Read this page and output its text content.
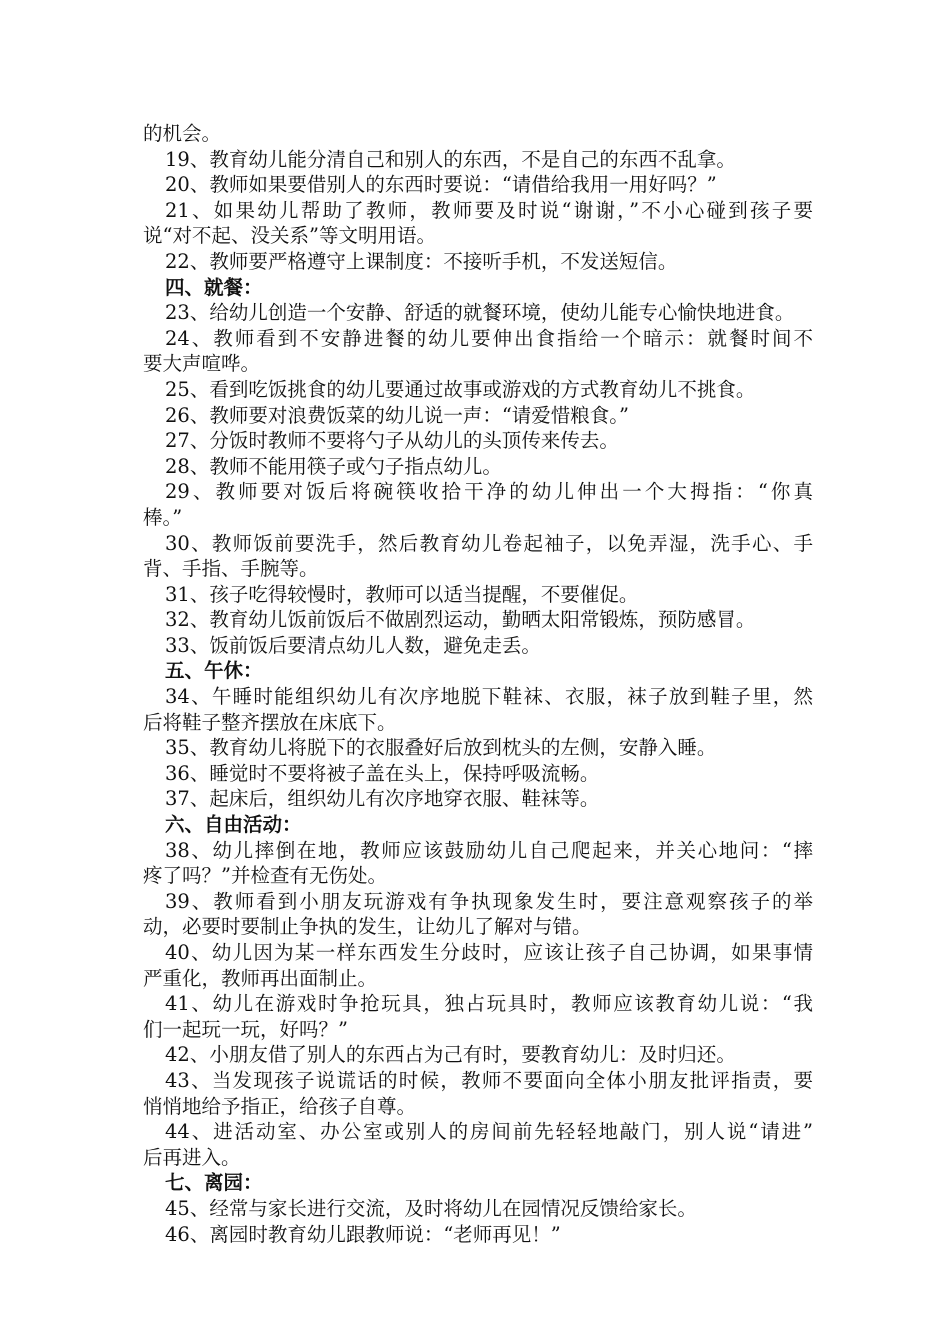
的机会。
19、教育幼儿能分清自己和别人的东西，不是自己的东西不乱拿。
20、教师如果要借别人的东西时要说：“请借给我用一用好吗？”
21、如果幼儿帮助了教师，教师要及时说“谢谢，”不小心碰到孩子要
说“对不起、没关系”等文明用语。
22、教师要严格遵守上课制度：不接听手机，不发送短信。
四、就餐：
23、给幼儿创造一个安静、舒适的就餐环境，使幼儿能专心愉快地进食。
24、教师看到不安静进餐的幼儿要伸出食指给一个暗示：就餐时间不
要大声喧哗。
25、看到吃饭挑食的幼儿要通过故事或游戏的方式教育幼儿不挑食。
26、教师要对浪费饭菜的幼儿说一声：“请爱惜粮食。”
27、分饭时教师不要将勺子从幼儿的头顶传来传去。
28、教师不能用筷子或勺子指点幼儿。
29、教师要对饭后将碗筷收拾干净的幼儿伸出一个大拇指：“你真
棒。”
30、教师饭前要洗手，然后教育幼儿卷起袖子，以免弄湿，洗手心、手
背、手指、手腕等。
31、孩子吃得较慢时，教师可以适当提醒，不要催促。
32、教育幼儿饭前饭后不做剧烈运动，勤晒太阳常锻炼，预防感冒。
33、饭前饭后要清点幼儿人数，避免走丢。
五、午休：
34、午睡时能组织幼儿有次序地脱下鞋袜、衣服，袜子放到鞋子里，然
后将鞋子整齐摆放在床底下。
35、教育幼儿将脱下的衣服叠好后放到枕头的左侧，安静入睡。
36、睡觉时不要将被子盖在头上，保持呼吸流畅。
37、起床后，组织幼儿有次序地穿衣服、鞋袜等。
六、自由活动：
38、幼儿摔倒在地，教师应该鼓励幼儿自己爬起来，并关心地问：“摔
疼了吗？”并检查有无伤处。
39、教师看到小朋友玩游戏有争执现象发生时，要注意观察孩子的举
动，必要时要制止争执的发生，让幼儿了解对与错。
40、幼儿因为某一样东西发生分歧时，应该让孩子自己协调，如果事情
严重化，教师再出面制止。
41、幼儿在游戏时争抢玩具，独占玩具时，教师应该教育幼儿说：“我
们一起玩一玩，好吗？”
42、小朋友借了别人的东西占为己有时，要教育幼儿：及时归还。
43、当发现孩子说谎话的时候，教师不要面向全体小朋友批评指责，要
悄悄地给予指正，给孩子自尊。
44、进活动室、办公室或别人的房间前先轻轻地敲门，别人说“请进”
后再进入。
七、离园：
45、经常与家长进行交流，及时将幼儿在园情况反馈给家长。
46、离园时教育幼儿跟教师说：“老师再见！”
